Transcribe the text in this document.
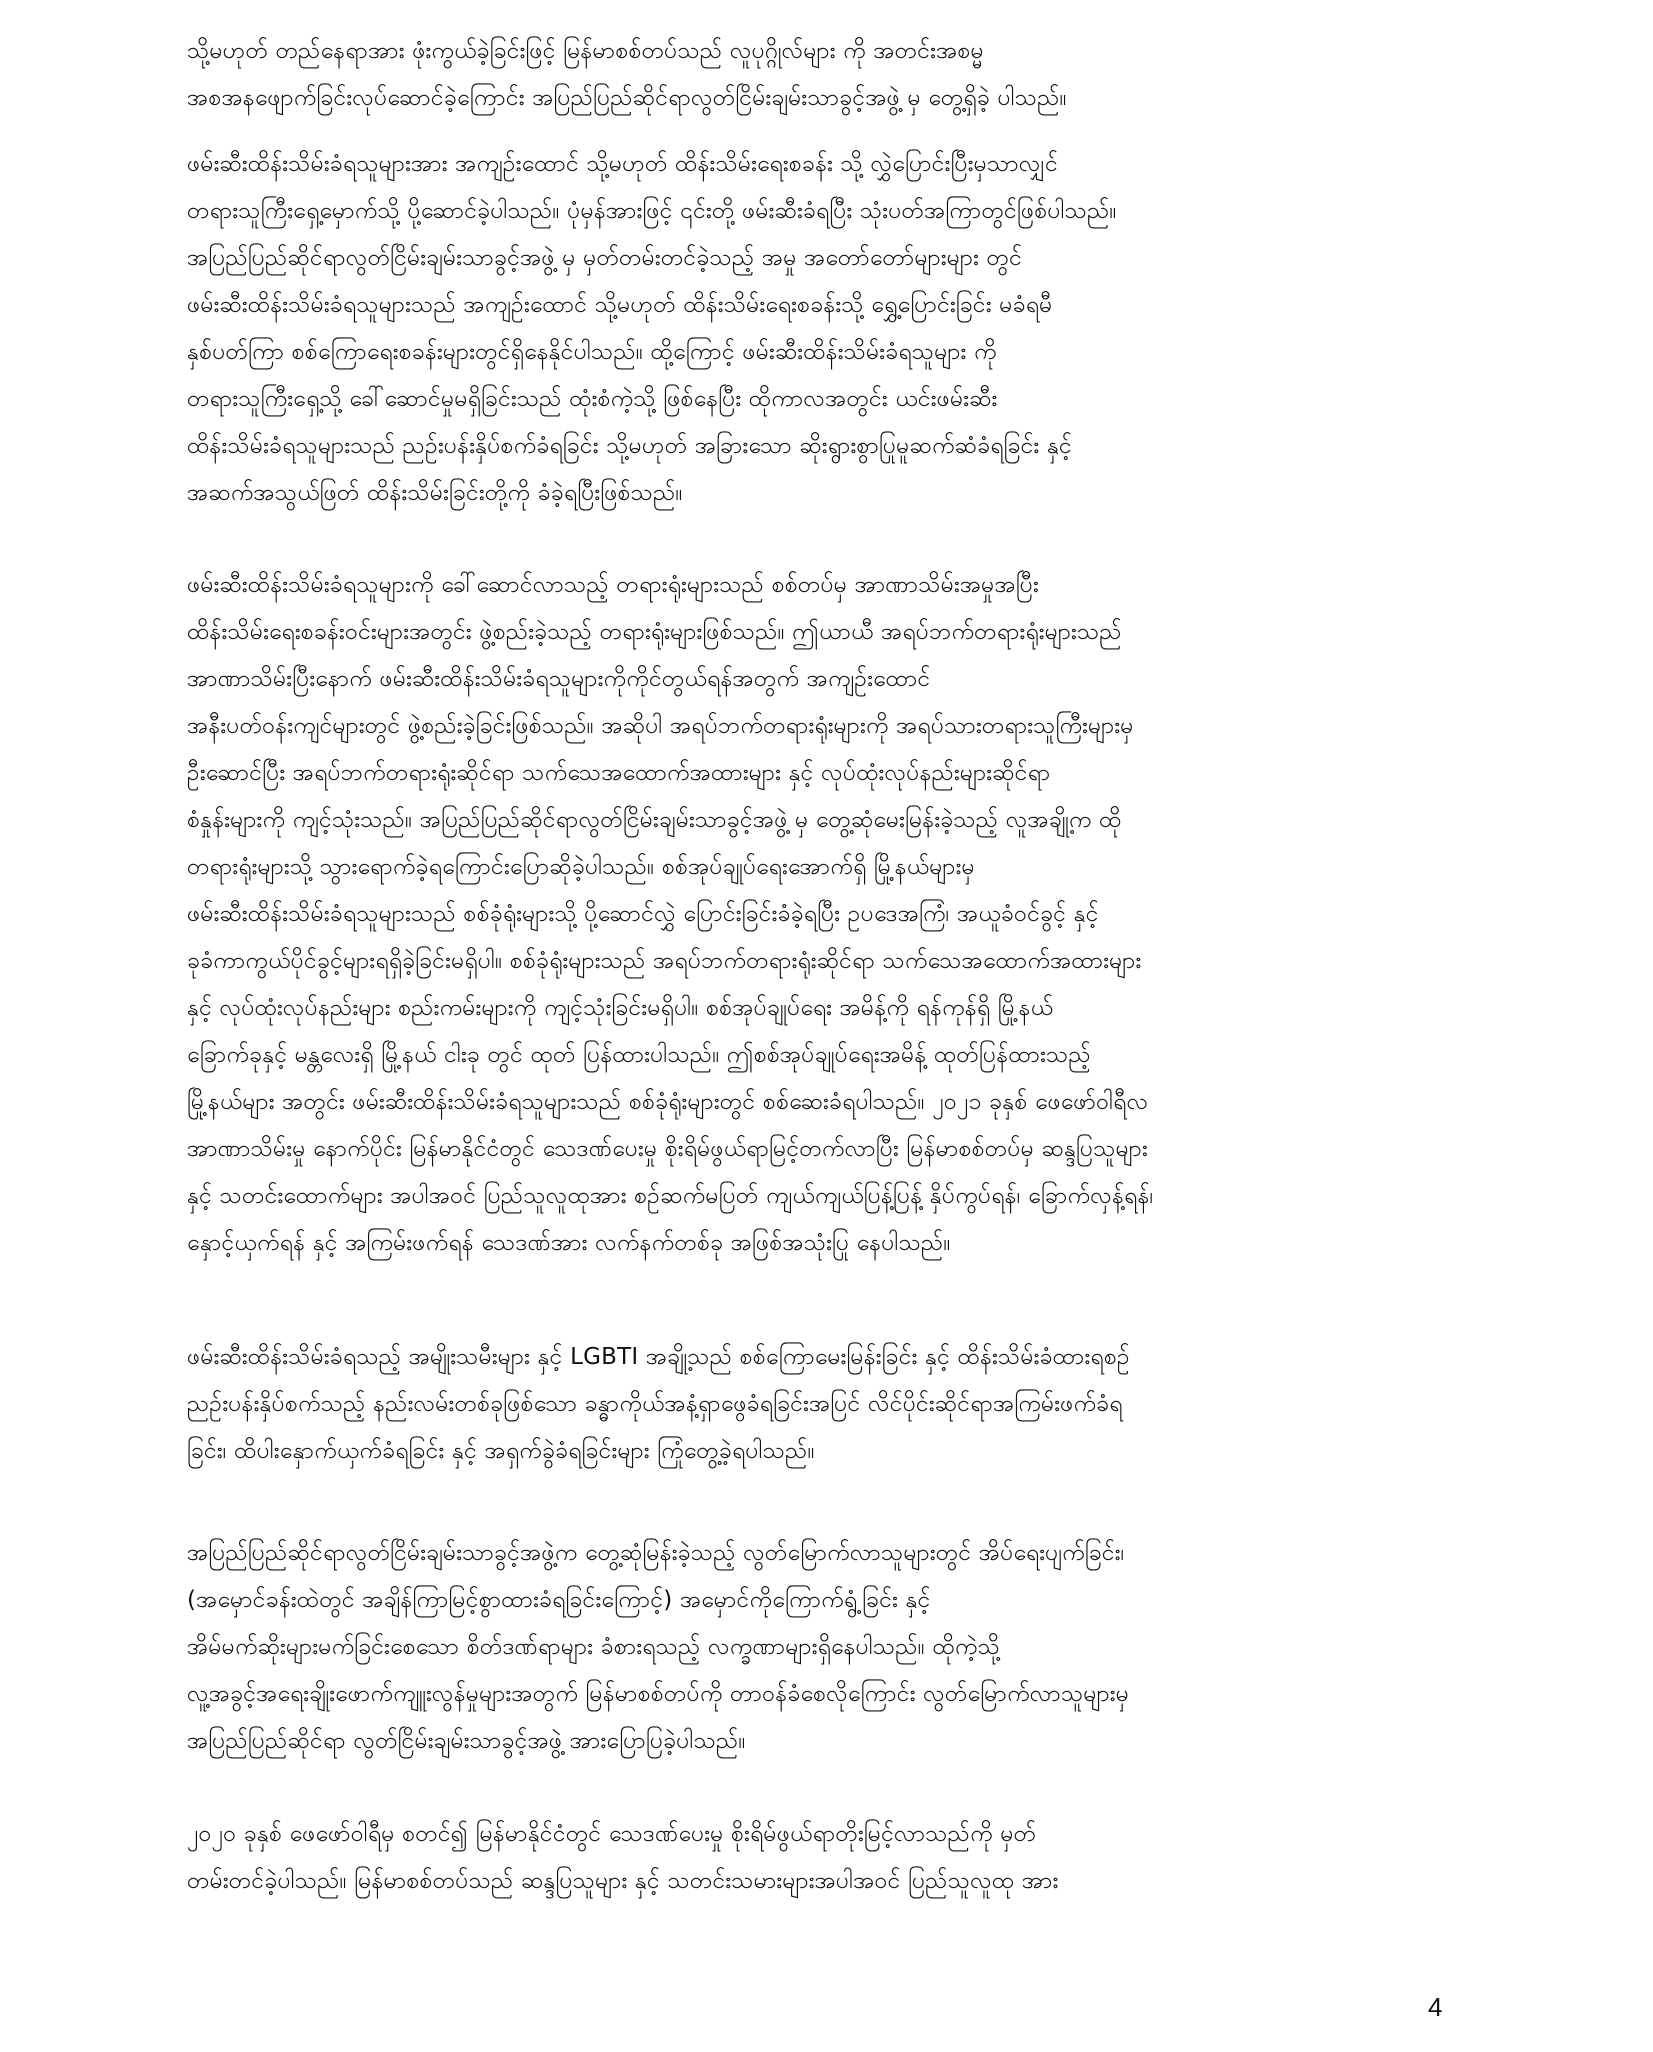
သို့မဟုတ် တည်နေရာအား ဖုံးကွယ်ခဲ့ခြင်းဖြင့် မြန်မာစစ်တပ်သည် လူပုဂ္ဂိုလ်များ ကို အတင်းအစမ္မ
အစအနဖျောက်ခြင်းလုပ်ဆောင်ခဲ့ကြောင်း အပြည်ပြည်ဆိုင်ရာလွတ်ငြိမ်းချမ်းသာခွင့်အဖွဲ့ မှ တွေ့ရှိခဲ့ ပါသည်။

ဖမ်းဆီးထိန်းသိမ်းခံရသူများအား အကျဉ်းထောင် သို့မဟုတ် ထိန်းသိမ်းရေးစခန်း သို့ လွှဲပြောင်းပြီးမှသာလျှင်
တရားသူကြီးရှေ့မှောက်သို့ ပို့ဆောင်ခဲ့ပါသည်။ ပုံမှန်အားဖြင့် ၎င်းတို့ ဖမ်းဆီးခံရပြီး သုံးပတ်အကြာတွင်ဖြစ်ပါသည်။
အပြည်ပြည်ဆိုင်ရာလွတ်ငြိမ်းချမ်းသာခွင့်အဖွဲ့ မှ မှတ်တမ်းတင်ခဲ့သည့် အမှု အတော်တော်များများ တွင်
ဖမ်းဆီးထိန်းသိမ်းခံရသူများသည် အကျဉ်းထောင် သို့မဟုတ် ထိန်းသိမ်းရေးစခန်းသို့ ရွှေ့ပြောင်းခြင်း မခံရမီ
နှစ်ပတ်ကြာ စစ်ကြောရေးစခန်းများတွင်ရှိနေနိုင်ပါသည်။ ထို့ကြောင့် ဖမ်းဆီးထိန်းသိမ်းခံရသူများ ကို
တရားသူကြီးရှေ့သို့ ခေါ်ဆောင်မှုမရှိခြင်းသည် ထုံးစံကဲ့သို့ ဖြစ်နေပြီး ထိုကာလအတွင်း ယင်းဖမ်းဆီး
ထိန်းသိမ်းခံရသူများသည် ညဥ်းပန်းနှိပ်စက်ခံရခြင်း သို့မဟုတ် အခြားသော ဆိုးရွားစွာပြုမူဆက်ဆံခံရခြင်း နှင့်
အဆက်အသွယ်ဖြတ် ထိန်းသိမ်းခြင်းတို့ကို ခံခဲ့ရပြီးဖြစ်သည်။

ဖမ်းဆီးထိန်းသိမ်းခံရသူများကို ခေါ်ဆောင်လာသည့် တရားရုံးများသည် စစ်တပ်မှ အာဏာသိမ်းအမှုအပြီး
ထိန်းသိမ်းရေးစခန်းဝင်းများအတွင်း ဖွဲ့စည်းခဲ့သည့် တရားရုံးများဖြစ်သည်။ ဤယာယီ အရပ်ဘက်တရားရုံးများသည်
အာဏာသိမ်းပြီးနောက် ဖမ်းဆီးထိန်းသိမ်းခံရသူများကိုကိုင်တွယ်ရန်အတွက် အကျဉ်းထောင်
အနီးပတ်ဝန်းကျင်များတွင် ဖွဲ့စည်းခဲ့ခြင်းဖြစ်သည်။ အဆိုပါ အရပ်ဘက်တရားရုံးများကို အရပ်သားတရားသူကြီးများမှ
ဦးဆောင်ပြီး အရပ်ဘက်တရားရုံးဆိုင်ရာ သက်သေအထောက်အထားများ နှင့် လုပ်ထုံးလုပ်နည်းများဆိုင်ရာ
စံနှုန်းများကို ကျင့်သုံးသည်။ အပြည်ပြည်ဆိုင်ရာလွတ်ငြိမ်းချမ်းသာခွင့်အဖွဲ့ မှ တွေ့ဆုံမေးမြန်းခဲ့သည့် လူအချို့က ထို
တရားရုံးများသို့ သွားရောက်ခဲ့ရကြောင်းပြောဆိုခဲ့ပါသည်။ စစ်အုပ်ချုပ်ရေးအောက်ရှိ မြို့နယ်များမှ
ဖမ်းဆီးထိန်းသိမ်းခံရသူများသည် စစ်ခုံရုံးများသို့ ပို့ဆောင်လွှဲ ပြောင်းခြင်းခံခဲ့ရပြီး ဥပဒေအကြံ၊ အယူခံဝင်ခွင့် နှင့်
ခုခံကာကွယ်ပိုင်ခွင့်များရရှိခဲ့ခြင်းမရှိပါ။ စစ်ခုံရုံးများသည် အရပ်ဘက်တရားရုံးဆိုင်ရာ သက်သေအထောက်အထားများ
နှင့် လုပ်ထုံးလုပ်နည်းများ စည်းကမ်းများကို ကျင့်သုံးခြင်းမရှိပါ။ စစ်အုပ်ချုပ်ရေး အမိန့်ကို ရန်ကုန်ရှိ မြို့နယ်
ခြောက်ခုနှင့် မန္တလေးရှိ မြို့နယ် ငါးခု တွင် ထုတ် ပြန်ထားပါသည်။ ဤစစ်အုပ်ချုပ်ရေးအမိန့် ထုတ်ပြန်ထားသည့်
မြို့နယ်များ အတွင်း ဖမ်းဆီးထိန်းသိမ်းခံရသူများသည် စစ်ခုံရုံးများတွင် စစ်ဆေးခံရပါသည်။ ၂၀၂၁ ခုနှစ် ဖေဖော်ဝါရီလ
အာဏာသိမ်းမှု နောက်ပိုင်း မြန်မာနိုင်ငံတွင် သေဒဏ်ပေးမှု စိုးရိမ်ဖွယ်ရာမြင့်တက်လာပြီး မြန်မာစစ်တပ်မှ ဆန္ဒပြသူများ
နှင့် သတင်းထောက်များ အပါအဝင် ပြည်သူလူထုအား စဉ်ဆက်မပြတ် ကျယ်ကျယ်ပြန့်ပြန့် နှိပ်ကွပ်ရန်၊ ခြောက်လှန့်ရန်၊
နှောင့်ယှက်ရန် နှင့် အကြမ်းဖက်ရန် သေဒဏ်အား လက်နက်တစ်ခု အဖြစ်အသုံးပြု နေပါသည်။

ဖမ်းဆီးထိန်းသိမ်းခံရသည့် အမျိုးသမီးများ နှင့် LGBTI အချို့သည် စစ်ကြောမေးမြန်းခြင်း နှင့် ထိန်းသိမ်းခံထားရစဉ်
ညဥ်းပန်းနှိပ်စက်သည့် နည်းလမ်းတစ်ခုဖြစ်သော ခန္ဓာကိုယ်အနံ့ရှာဖွေခံရခြင်းအပြင် လိင်ပိုင်းဆိုင်ရာအကြမ်းဖက်ခံရ
ခြင်း၊ ထိပါးနှောက်ယှက်ခံရခြင်း နှင့် အရှက်ခွဲခံရခြင်းများ ကြုံတွေ့ခဲ့ရပါသည်။

အပြည်ပြည်ဆိုင်ရာလွတ်ငြိမ်းချမ်းသာခွင့်အဖွဲ့က တွေ့ဆုံမြန်းခဲ့သည့် လွတ်မြောက်လာသူများတွင် အိပ်ရေးပျက်ခြင်း၊
(အမှောင်ခန်းထဲတွင် အချိန်ကြာမြင့်စွာထားခံရခြင်းကြောင့်) အမှောင်ကိုကြောက်ရွံ့ခြင်း နှင့်
အိမ်မက်ဆိုးများမက်ခြင်းစေသော စိတ်ဒဏ်ရာများ ခံစားရသည့် လက္ခဏာများရှိနေပါသည်။ ထိုကဲ့သို့
လူ့အခွင့်အရေးချိုးဖောက်ကျူးလွန်မှုများအတွက် မြန်မာစစ်တပ်ကို တာဝန်ခံစေလိုကြောင်း လွတ်မြောက်လာသူများမှ
အပြည်ပြည်ဆိုင်ရာ လွတ်ငြိမ်းချမ်းသာခွင့်အဖွဲ့ အားပြောပြခဲ့ပါသည်။

၂၀၂၀ ခုနှစ် ဖေဖော်ဝါရီမှ စတင်၍ မြန်မာနိုင်ငံတွင် သေဒဏ်ပေးမှု စိုးရိမ်ဖွယ်ရာတိုးမြင့်လာသည်ကို မှတ်
တမ်းတင်ခဲ့ပါသည်။ မြန်မာစစ်တပ်သည် ဆန္ဒပြသူများ နှင့် သတင်းသမားများအပါအဝင် ပြည်သူလူထု အား

4
